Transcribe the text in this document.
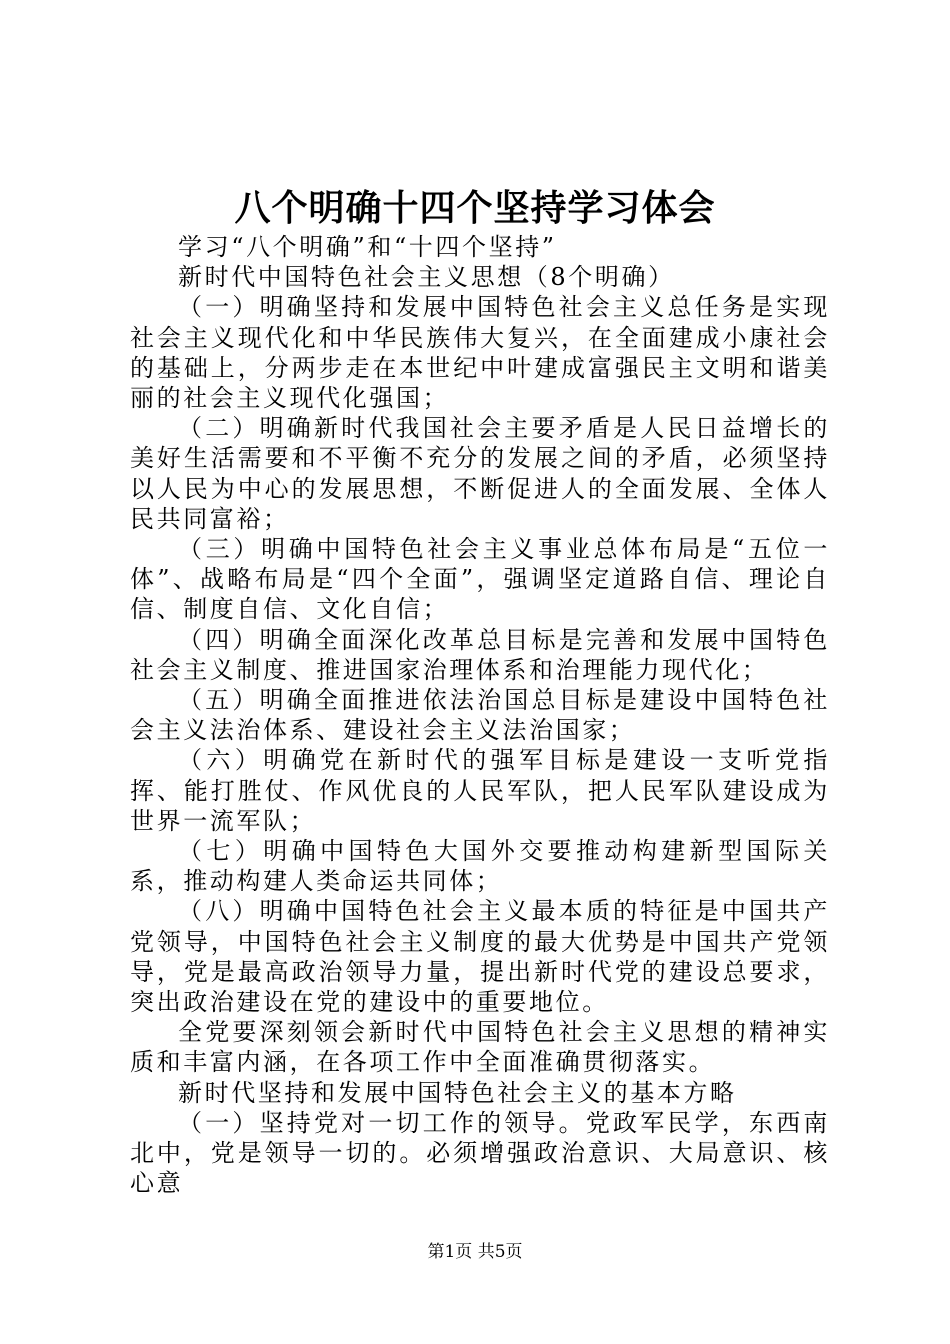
八个明确十四个坚持学习体会

学习“八个明确”和“十四个坚持”

新时代中国特色社会主义思想（8个明确）

（一）明确坚持和发展中国特色社会主义总任务是实现社会主义现代化和中华民族伟大复兴，在全面建成小康社会的基础上，分两步走在本世纪中叶建成富强民主文明和谐美丽的社会主义现代化强国；

（二）明确新时代我国社会主要矛盾是人民日益增长的美好生活需要和不平衡不充分的发展之间的矛盾，必须坚持以人民为中心的发展思想，不断促进人的全面发展、全体人民共同富裕；

（三）明确中国特色社会主义事业总体布局是“五位一体”、战略布局是“四个全面”，强调坚定道路自信、理论自信、制度自信、文化自信；

（四）明确全面深化改革总目标是完善和发展中国特色社会主义制度、推进国家治理体系和治理能力现代化；

（五）明确全面推进依法治国总目标是建设中国特色社会主义法治体系、建设社会主义法治国家；

（六）明确党在新时代的强军目标是建设一支听党指挥、能打胜仗、作风优良的人民军队，把人民军队建设成为世界一流军队；

（七）明确中国特色大国外交要推动构建新型国际关系，推动构建人类命运共同体；

（八）明确中国特色社会主义最本质的特征是中国共产党领导，中国特色社会主义制度的最大优势是中国共产党领导，党是最高政治领导力量，提出新时代党的建设总要求，突出政治建设在党的建设中的重要地位。

全党要深刻领会新时代中国特色社会主义思想的精神实质和丰富内涵，在各项工作中全面准确贯彻落实。

新时代坚持和发展中国特色社会主义的基本方略

（一）坚持党对一切工作的领导。党政军民学，东西南北中，党是领导一切的。必须增强政治意识、大局意识、核心意

第1页 共5页
